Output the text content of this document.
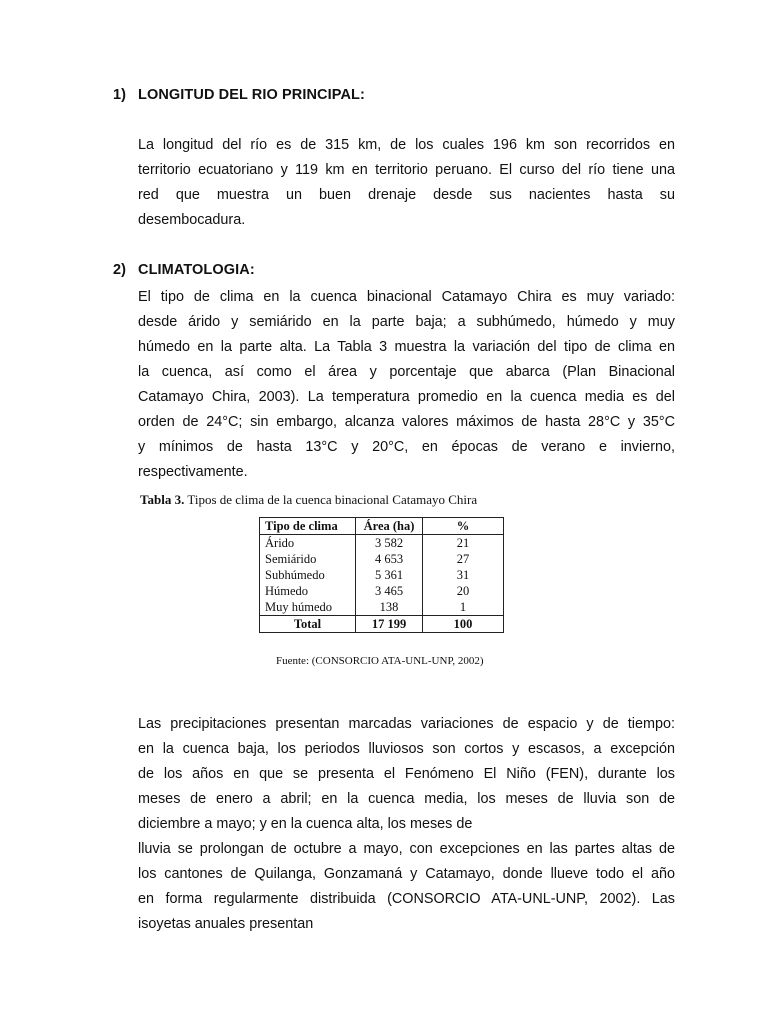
1) LONGITUD DEL RIO PRINCIPAL:
La longitud del río es de 315 km, de los cuales 196 km son recorridos en
territorio ecuatoriano y 119 km en territorio peruano. El curso del río tiene una
red que muestra un buen drenaje desde sus nacientes hasta su
desembocadura.
2) CLIMATOLOGIA:
El tipo de clima en la cuenca binacional Catamayo Chira es muy variado:
desde árido y semiárido en la parte baja; a subhúmedo, húmedo y muy
húmedo en la parte alta. La Tabla 3 muestra la variación del tipo de clima en
la cuenca, así como el área y porcentaje que abarca (Plan Binacional
Catamayo Chira, 2003). La temperatura promedio en la cuenca media es del
orden de 24°C; sin embargo, alcanza valores máximos de hasta 28°C y 35°C
y mínimos de hasta 13°C y 20°C, en épocas de verano e invierno,
respectivamente.
Tabla 3. Tipos de clima de la cuenca binacional Catamayo Chira
Tipo de clima	Área (ha)	%
Árido	3 582	21
Semiárido	4 653	27
Subhúmedo	5 361	31
Húmedo	3 465	20
Muy húmedo	138	1
Total	17 199	100
Fuente: (CONSORCIO ATA-UNL-UNP, 2002)
Las precipitaciones presentan marcadas variaciones de espacio y de tiempo:
en la cuenca baja, los periodos lluviosos son cortos y escasos, a excepción
de los años en que se presenta el Fenómeno El Niño (FEN), durante los
meses de enero a abril; en la cuenca media, los meses de lluvia son de
diciembre a mayo; y en la cuenca alta, los meses de
lluvia se prolongan de octubre a mayo, con excepciones en las partes altas de
los cantones de Quilanga, Gonzamaná y Catamayo, donde llueve todo el año
en forma regularmente distribuida (CONSORCIO ATA-UNL-UNP, 2002). Las
isoyetas anuales presentan
